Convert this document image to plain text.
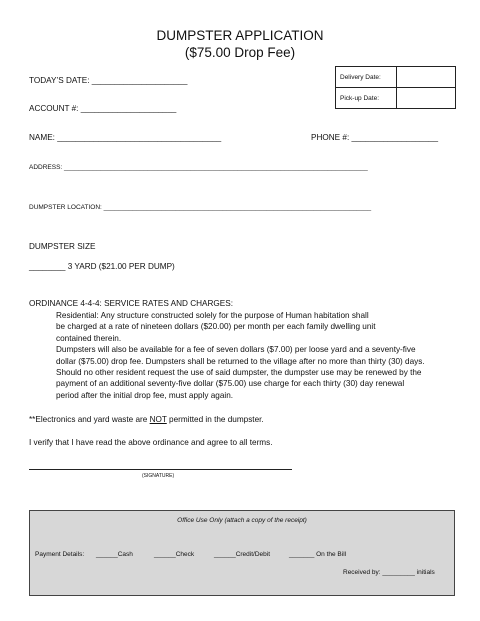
DUMPSTER APPLICATION
($75.00 Drop Fee)
Delivery Date:	
Pick-up Date:	
TODAY’S DATE: _____________________
ACCOUNT #: _____________________
NAME: ____________________________________	PHONE #: ___________________
ADDRESS: ____________________________________________________________________________________
DUMPSTER LOCATION: __________________________________________________________________________
DUMPSTER SIZE
________ 3 YARD ($21.00 PER DUMP)
ORDINANCE 4-4-4: SERVICE RATES AND CHARGES:
Residential: Any structure constructed solely for the purpose of Human habitation shall
be charged at a rate of nineteen dollars ($20.00) per month per each family dwelling unit
contained therein.
Dumpsters will also be available for a fee of seven dollars ($7.00) per loose yard and a seventy-five
dollar ($75.00) drop fee. Dumpsters shall be returned to the village after no more than thirty (30) days.
Should no other resident request the use of said dumpster, the dumpster use may be renewed by the
payment of an additional seventy-five dollar ($75.00) use charge for each thirty (30) day renewal
period after the initial drop fee, must apply again.
**Electronics and yard waste are NOT permitted in the dumpster.
I verify that I have read the above ordinance and agree to all terms.
(SIGNATURE)
Office Use Only (attach a copy of the receipt)
Payment Details: ______Cash	______Check	______Credit/Debit	_______ On the Bill
Received by: _________ initials
